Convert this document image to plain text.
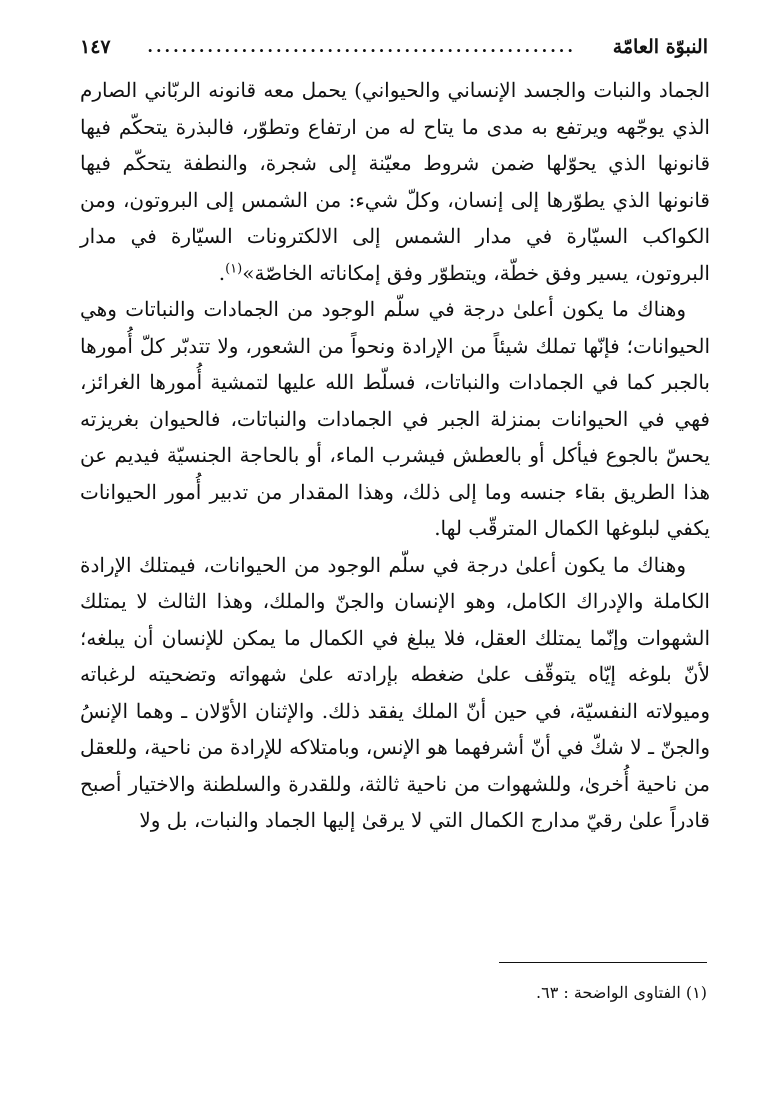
النبوّة العامّة
..................................................
١٤٧

الجماد والنبات والجسد الإنساني والحيواني) يحمل معه قانونه الربّاني الصارم الذي يوجّهه ويرتفع به مدى ما يتاح له من ارتفاع وتطوّر، فالبذرة يتحكّم فيها قانونها الذي يحوّلها ضمن شروط معيّنة إلى شجرة، والنطفة يتحكّم فيها قانونها الذي يطوّرها إلى إنسان، وكلّ شيء: من الشمس إلى البروتون، ومن الكواكب السيّارة في مدار الشمس إلى الالكترونات السيّارة في مدار البروتون، يسير وفق خطّة، ويتطوّر وفق إمكاناته الخاصّة»$^{(١)}$.

وهناك ما يكون أعلىٰ درجة في سلّم الوجود من الجمادات والنباتات وهي الحيوانات؛ فإنّها تملك شيئاً من الإرادة ونحواً من الشعور، ولا تتدبّر كلّ أُمورها بالجبر كما في الجمادات والنباتات، فسلّط الله عليها لتمشية أُمورها الغرائز، فهي في الحيوانات بمنزلة الجبر في الجمادات والنباتات، فالحيوان بغريزته يحسّ بالجوع فيأكل أو بالعطش فيشرب الماء، أو بالحاجة الجنسيّة فيديم عن هذا الطريق بقاء جنسه وما إلى ذلك، وهذا المقدار من تدبير أُمور الحيوانات يكفي لبلوغها الكمال المترقّب لها.

وهناك ما يكون أعلىٰ درجة في سلّم الوجود من الحيوانات، فيمتلك الإرادة الكاملة والإدراك الكامل، وهو الإنسان والجنّ والملك، وهذا الثالث لا يمتلك الشهوات وإنّما يمتلك العقل، فلا يبلغ في الكمال ما يمكن للإنسان أن يبلغه؛ لأنّ بلوغه إيّاه يتوقّف علىٰ ضغطه بإرادته علىٰ شهواته وتضحيته لرغباته وميولاته النفسيّة، في حين أنّ الملك يفقد ذلك. والإثنان الأوّلان ـ وهما الإنسُ والجنّ ـ لا شكّ في أنّ أشرفهما هو الإنس، وبامتلاكه للإرادة من ناحية، وللعقل من ناحية أُخرىٰ، وللشهوات من ناحية ثالثة، وللقدرة والسلطنة والاختيار أصبح قادراً علىٰ رقيّ مدارج الكمال التي لا يرقىٰ إليها الجماد والنبات، بل ولا

(١) الفتاوى الواضحة : ٦٣.
